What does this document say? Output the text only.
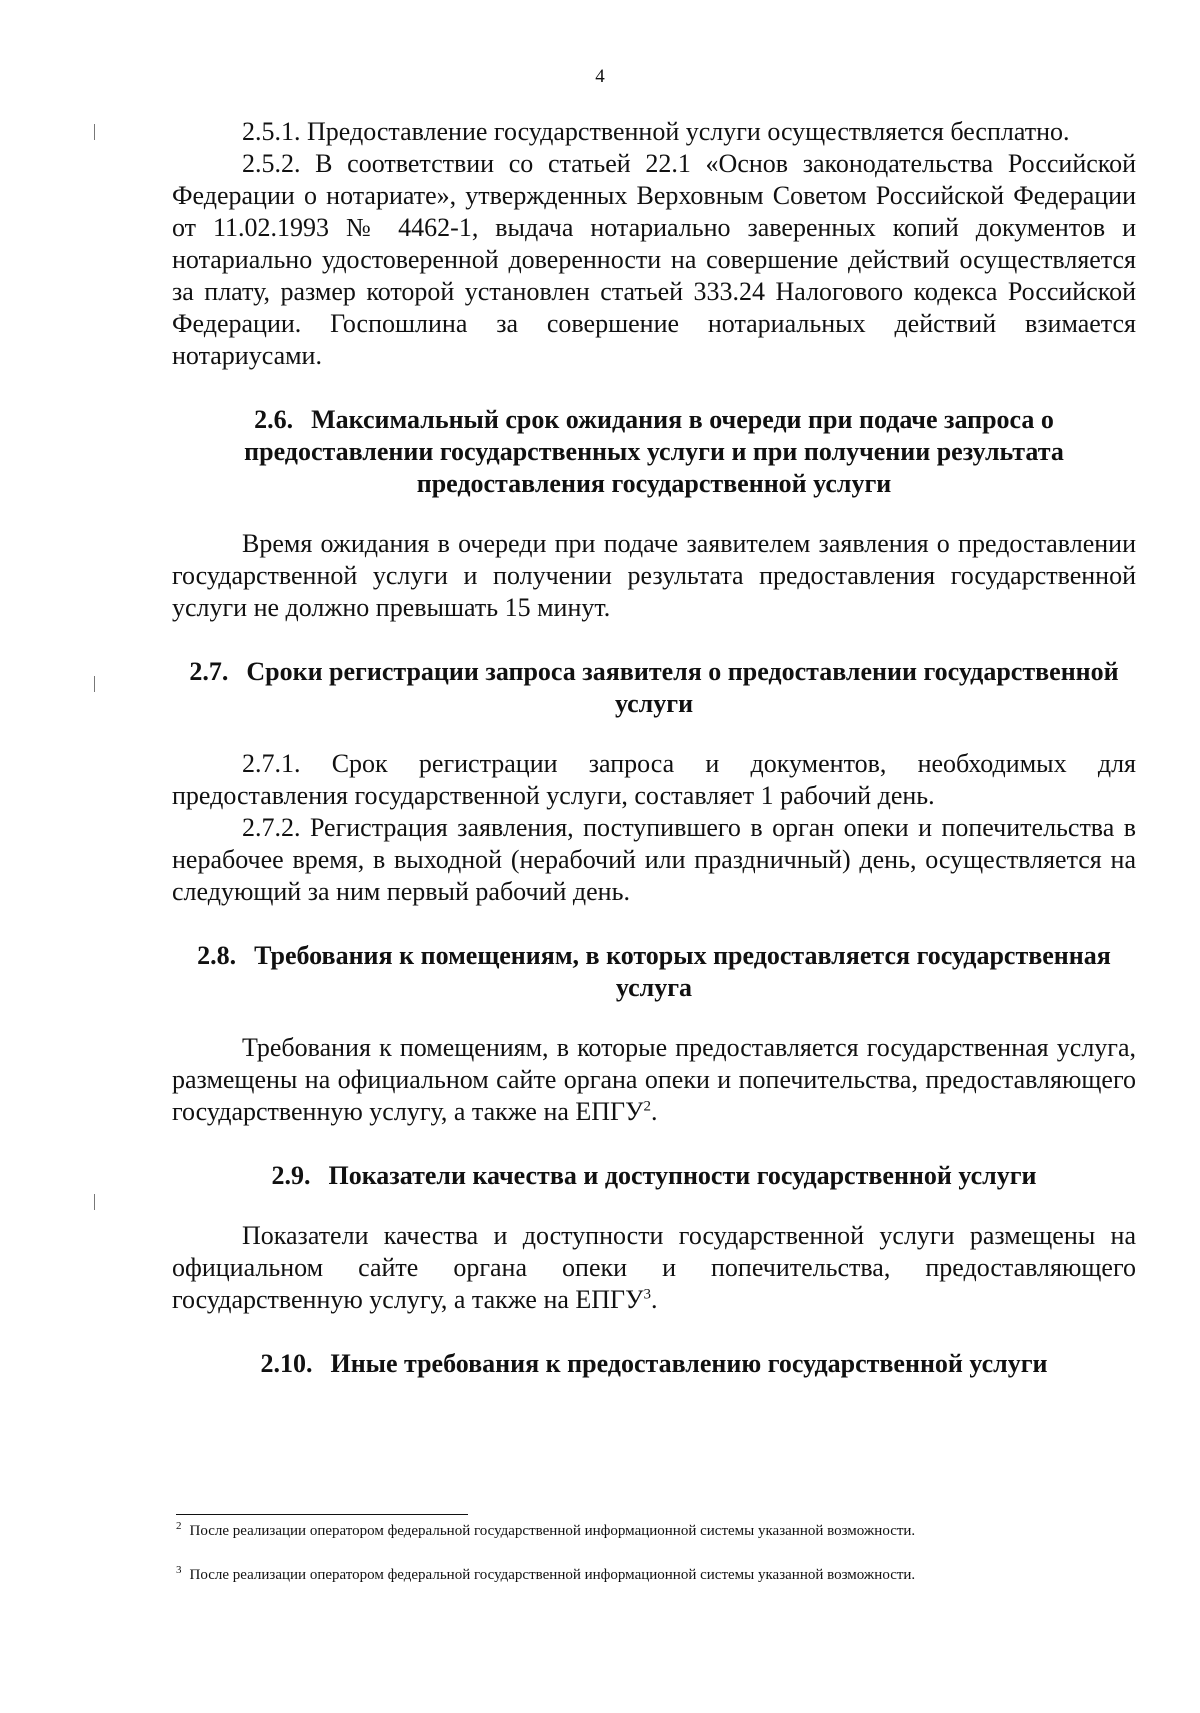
4

2.5.1. Предоставление государственной услуги осуществляется бесплатно.

2.5.2. В соответствии со статьей 22.1 «Основ законодательства Российской Федерации о нотариате», утвержденных Верховным Советом Российской Федерации от 11.02.1993 № 4462-1, выдача нотариально заверенных копий документов и нотариально удостоверенной доверенности на совершение действий осуществляется за плату, размер которой установлен статьей 333.24 Налогового кодекса Российской Федерации. Госпошлина за совершение нотариальных действий взимается нотариусами.

2.6. Максимальный срок ожидания в очереди при подаче запроса о предоставлении государственных услуги и при получении результата предоставления государственной услуги

Время ожидания в очереди при подаче заявителем заявления о предоставлении государственной услуги и получении результата предоставления государственной услуги не должно превышать 15 минут.

2.7. Сроки регистрации запроса заявителя о предоставлении государственной услуги

2.7.1. Срок регистрации запроса и документов, необходимых для предоставления государственной услуги, составляет 1 рабочий день.

2.7.2. Регистрация заявления, поступившего в орган опеки и попечительства в нерабочее время, в выходной (нерабочий или праздничный) день, осуществляется на следующий за ним первый рабочий день.

2.8. Требования к помещениям, в которых предоставляется государственная услуга

Требования к помещениям, в которые предоставляется государственная услуга, размещены на официальном сайте органа опеки и попечительства, предоставляющего государственную услугу, а также на ЕПГУ$^2$.

2.9. Показатели качества и доступности государственной услуги

Показатели качества и доступности государственной услуги размещены на официальном сайте органа опеки и попечительства, предоставляющего государственную услугу, а также на ЕПГУ$^3$.

2.10. Иные требования к предоставлению государственной услуги
$^2$ После реализации оператором федеральной государственной информационной системы указанной возможности.
$^3$ После реализации оператором федеральной государственной информационной системы указанной возможности.
